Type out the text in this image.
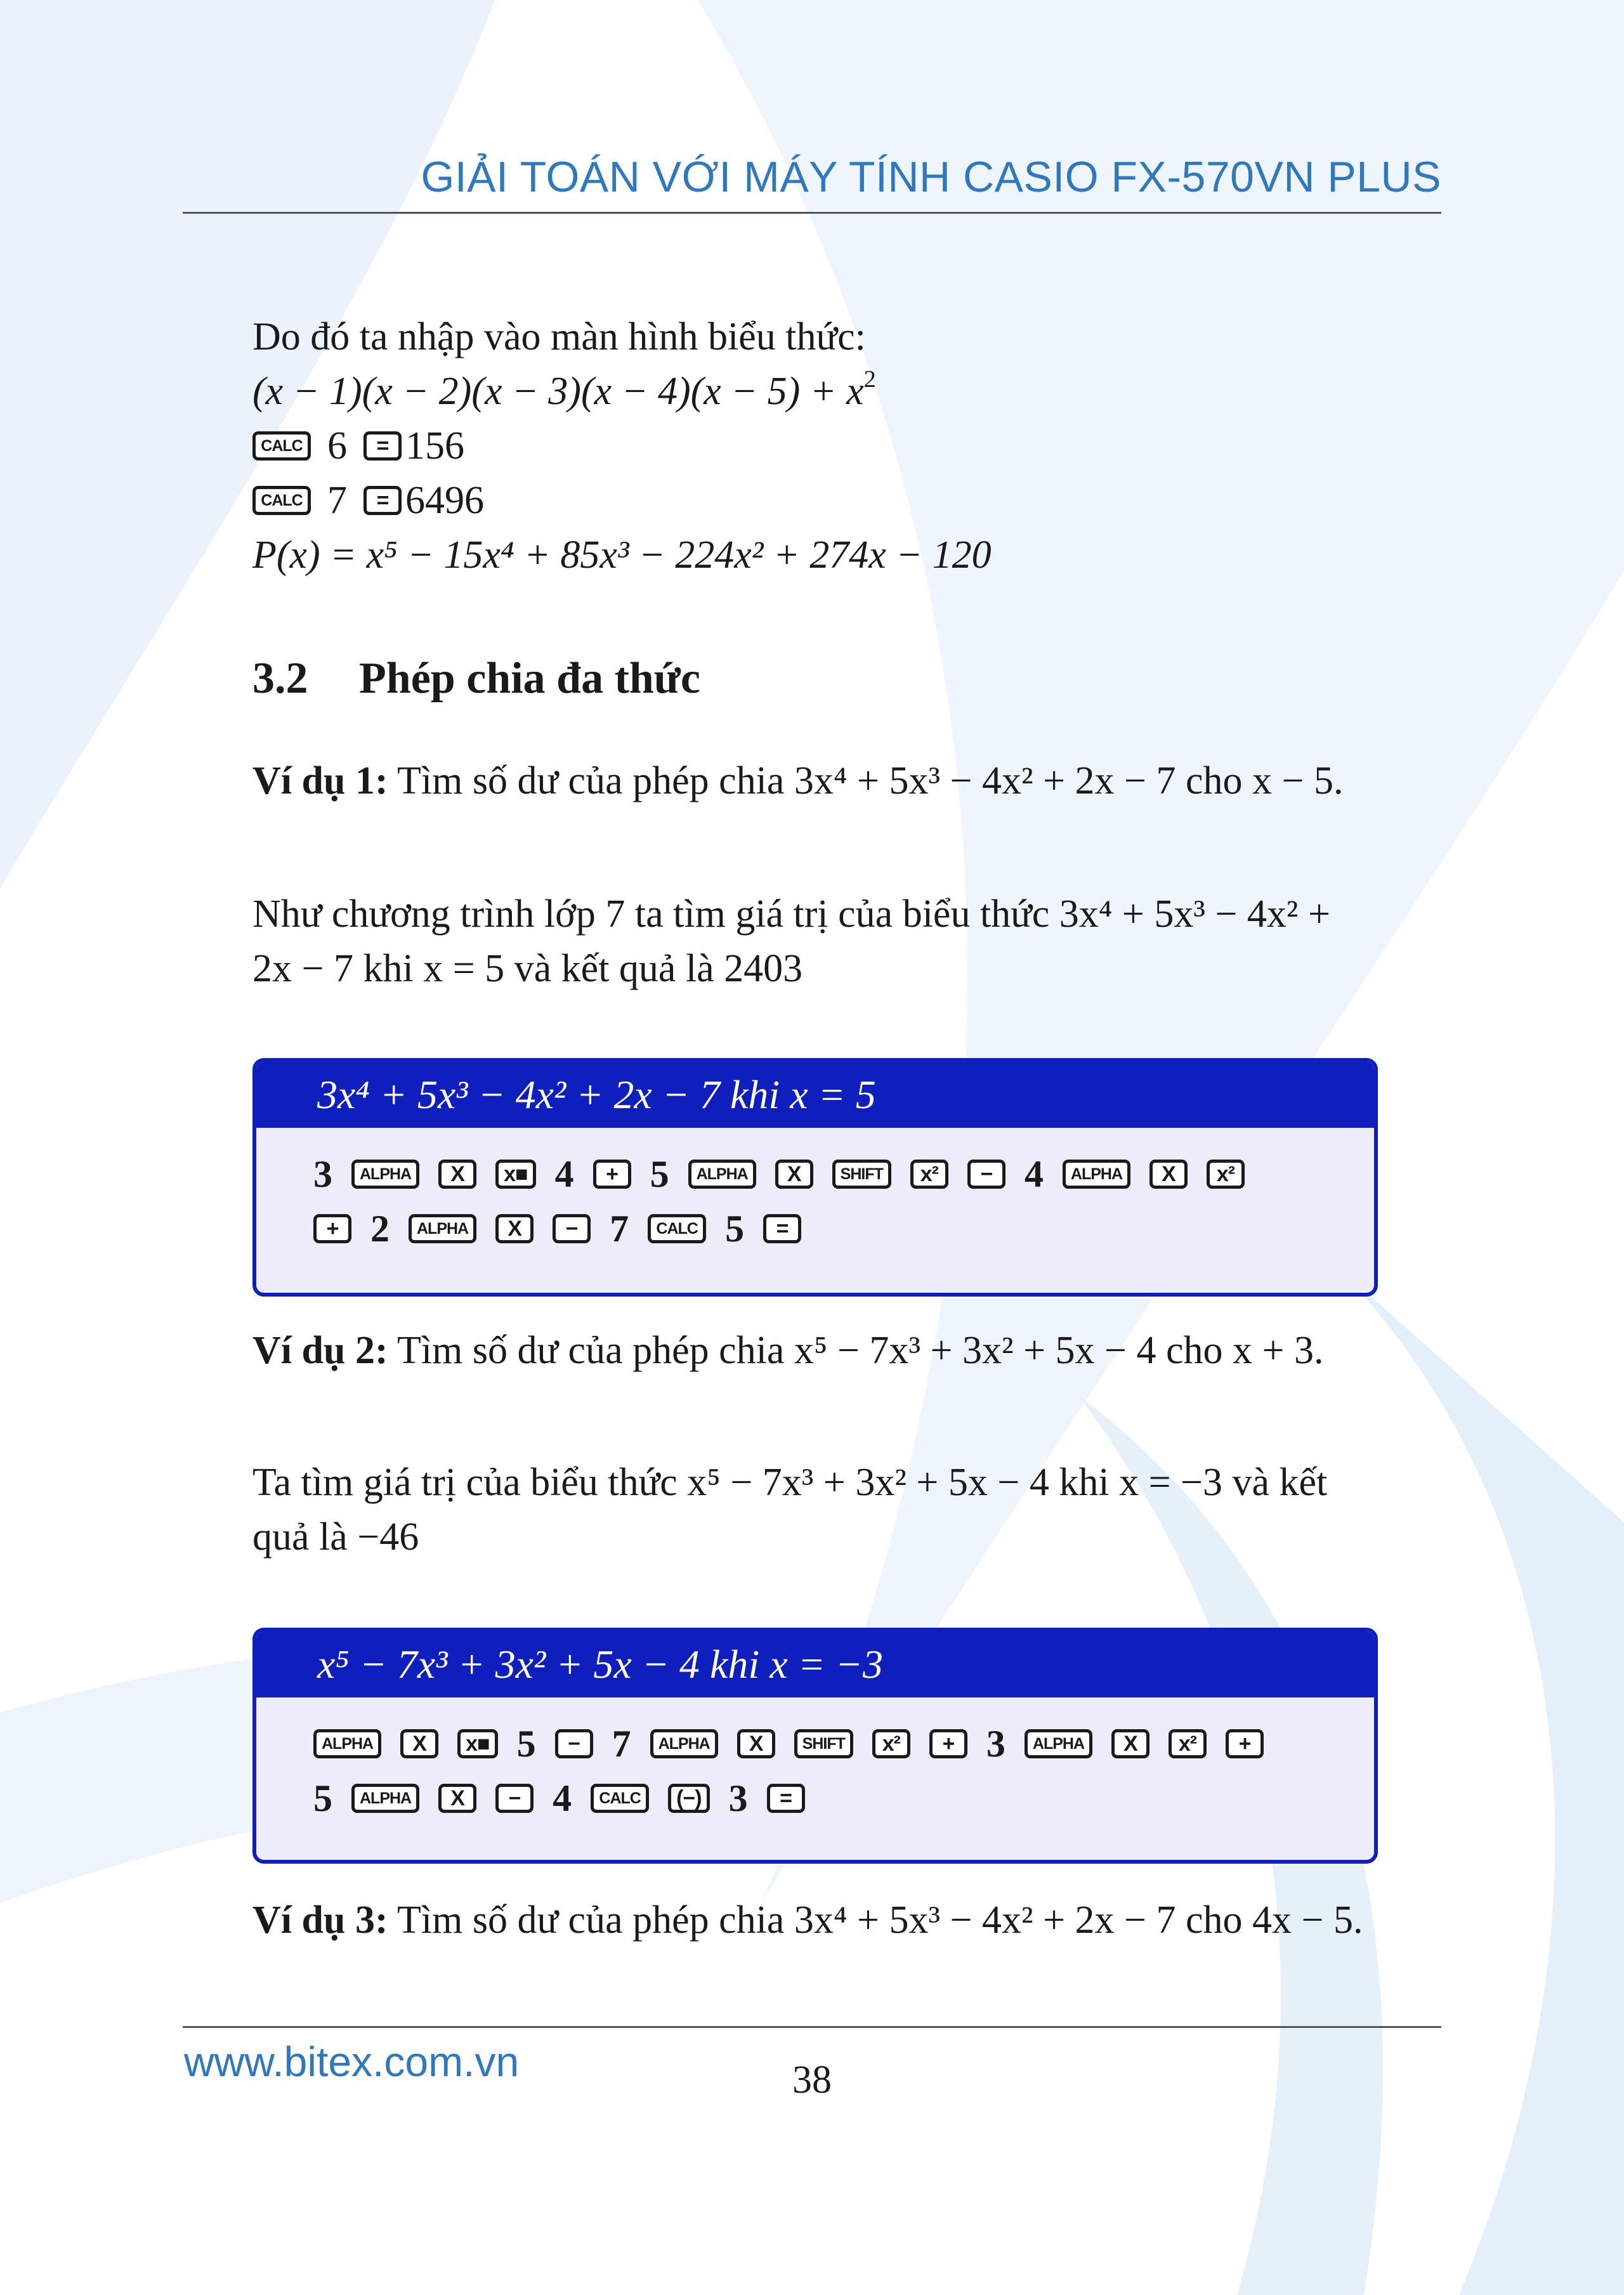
GIẢI TOÁN VỚI MÁY TÍNH CASIO FX-570VN PLUS
Do đó ta nhập vào màn hình biểu thức:
$(x - 1)(x - 2)(x - 3)(x - 4)(x - 5) + x^2$
CALC 6	= 156
CALC 7	= 6496
P(x) = x⁵ − 15x⁴ + 85x³ − 224x² + 274x − 120
3.2 Phép chia đa thức
Ví dụ 1: Tìm số dư của phép chia 3x⁴ + 5x³ − 4x² + 2x − 7 cho x − 5.
Như chương trình lớp 7 ta tìm giá trị của biểu thức 3x⁴ + 5x³ − 4x² + 2x − 7 khi x = 5 và kết quả là 2403
3x⁴ + 5x³ − 4x² + 2x − 7 khi x = 5
3	ALPHA	X	x■ 4	+ 5	ALPHA	X	SHIFT	x²	− 4	ALPHA	X	x²
+ 2	ALPHA	X	− 7	CALC 5	=
Ví dụ 2: Tìm số dư của phép chia x⁵ − 7x³ + 3x² + 5x − 4 cho x + 3.
Ta tìm giá trị của biểu thức x⁵ − 7x³ + 3x² + 5x − 4 khi x = −3 và kết quả là −46
x⁵ − 7x³ + 3x² + 5x − 4 khi x = −3
ALPHA	X	x■ 5	− 7	ALPHA	X	SHIFT	x²	+ 3	ALPHA	X	x²	+
5	ALPHA	X	− 4	CALC	(−) 3	=
Ví dụ 3: Tìm số dư của phép chia 3x⁴ + 5x³ − 4x² + 2x − 7 cho 4x − 5.
www.bitex.com.vn	38
